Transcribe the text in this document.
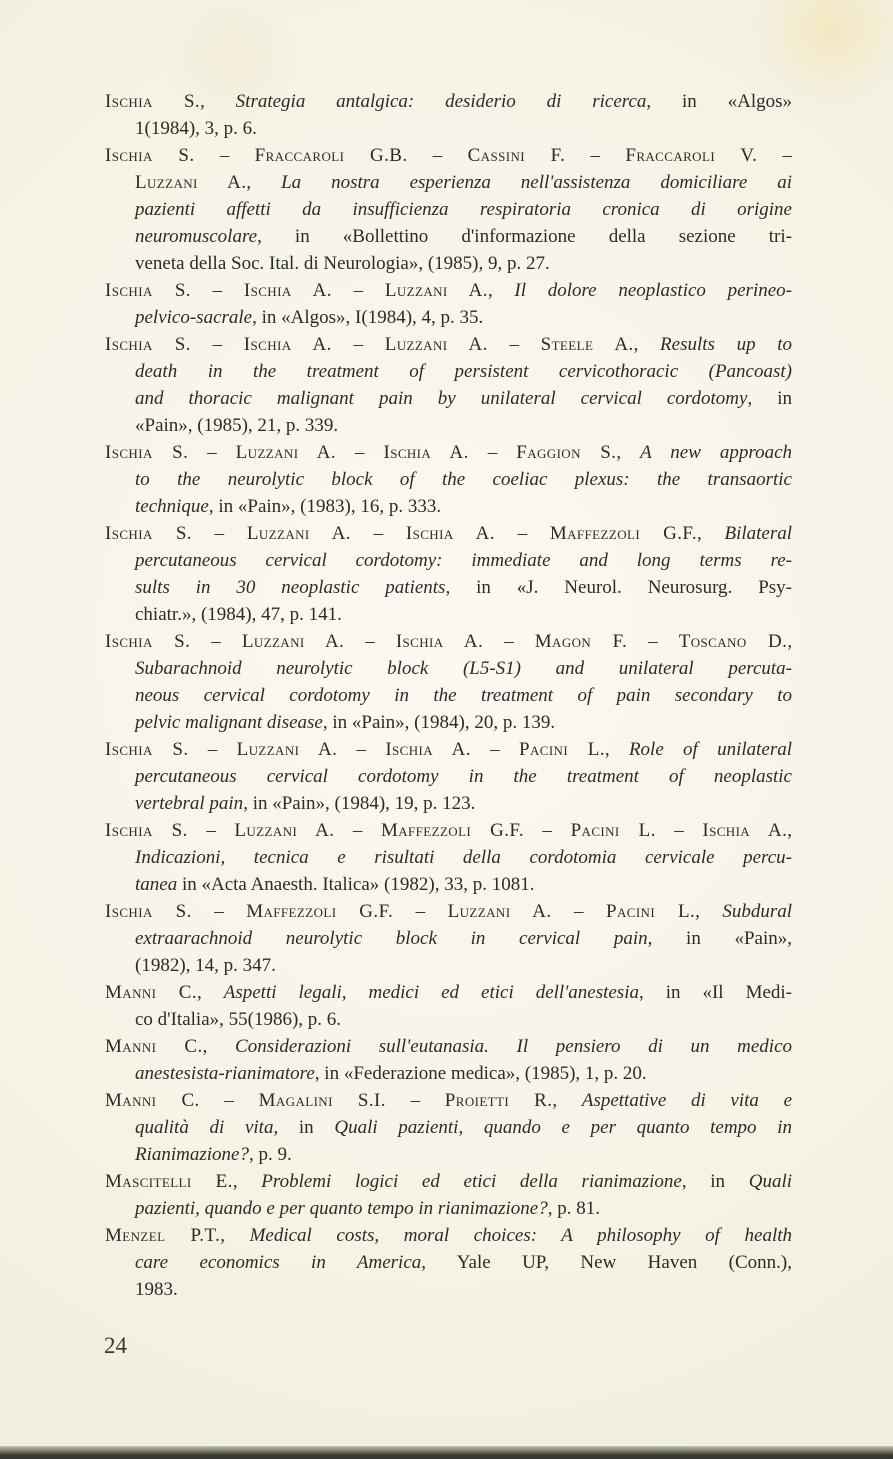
Ischia S., Strategia antalgica: desiderio di ricerca, in «Algos»
1(1984), 3, p. 6.
Ischia S. – Fraccaroli G.B. – Cassini F. – Fraccaroli V. –
Luzzani A., La nostra esperienza nell'assistenza domiciliare ai
pazienti affetti da insufficienza respiratoria cronica di origine
neuromuscolare, in «Bollettino d'informazione della sezione tri-
veneta della Soc. Ital. di Neurologia», (1985), 9, p. 27.
Ischia S. – Ischia A. – Luzzani A., Il dolore neoplastico perineo-
pelvico-sacrale, in «Algos», I(1984), 4, p. 35.
Ischia S. – Ischia A. – Luzzani A. – Steele A., Results up to
death in the treatment of persistent cervicothoracic (Pancoast)
and thoracic malignant pain by unilateral cervical cordotomy, in
«Pain», (1985), 21, p. 339.
Ischia S. – Luzzani A. – Ischia A. – Faggion S., A new approach
to the neurolytic block of the coeliac plexus: the transaortic
technique, in «Pain», (1983), 16, p. 333.
Ischia S. – Luzzani A. – Ischia A. – Maffezzoli G.F., Bilateral
percutaneous cervical cordotomy: immediate and long terms re-
sults in 30 neoplastic patients, in «J. Neurol. Neurosurg. Psy-
chiatr.», (1984), 47, p. 141.
Ischia S. – Luzzani A. – Ischia A. – Magon F. – Toscano D.,
Subarachnoid neurolytic block (L5-S1) and unilateral percuta-
neous cervical cordotomy in the treatment of pain secondary to
pelvic malignant disease, in «Pain», (1984), 20, p. 139.
Ischia S. – Luzzani A. – Ischia A. – Pacini L., Role of unilateral
percutaneous cervical cordotomy in the treatment of neoplastic
vertebral pain, in «Pain», (1984), 19, p. 123.
Ischia S. – Luzzani A. – Maffezzoli G.F. – Pacini L. – Ischia A.,
Indicazioni, tecnica e risultati della cordotomia cervicale percu-
tanea in «Acta Anaesth. Italica» (1982), 33, p. 1081.
Ischia S. – Maffezzoli G.F. – Luzzani A. – Pacini L., Subdural
extraarachnoid neurolytic block in cervical pain, in «Pain»,
(1982), 14, p. 347.
Manni C., Aspetti legali, medici ed etici dell'anestesia, in «Il Medi-
co d'Italia», 55(1986), p. 6.
Manni C., Considerazioni sull'eutanasia. Il pensiero di un medico
anestesista-rianimatore, in «Federazione medica», (1985), 1, p. 20.
Manni C. – Magalini S.I. – Proietti R., Aspettative di vita e
qualità di vita, in Quali pazienti, quando e per quanto tempo in
Rianimazione?, p. 9.
Mascitelli E., Problemi logici ed etici della rianimazione, in Quali
pazienti, quando e per quanto tempo in rianimazione?, p. 81.
Menzel P.T., Medical costs, moral choices: A philosophy of health
care economics in America, Yale UP, New Haven (Conn.),
1983.
24
